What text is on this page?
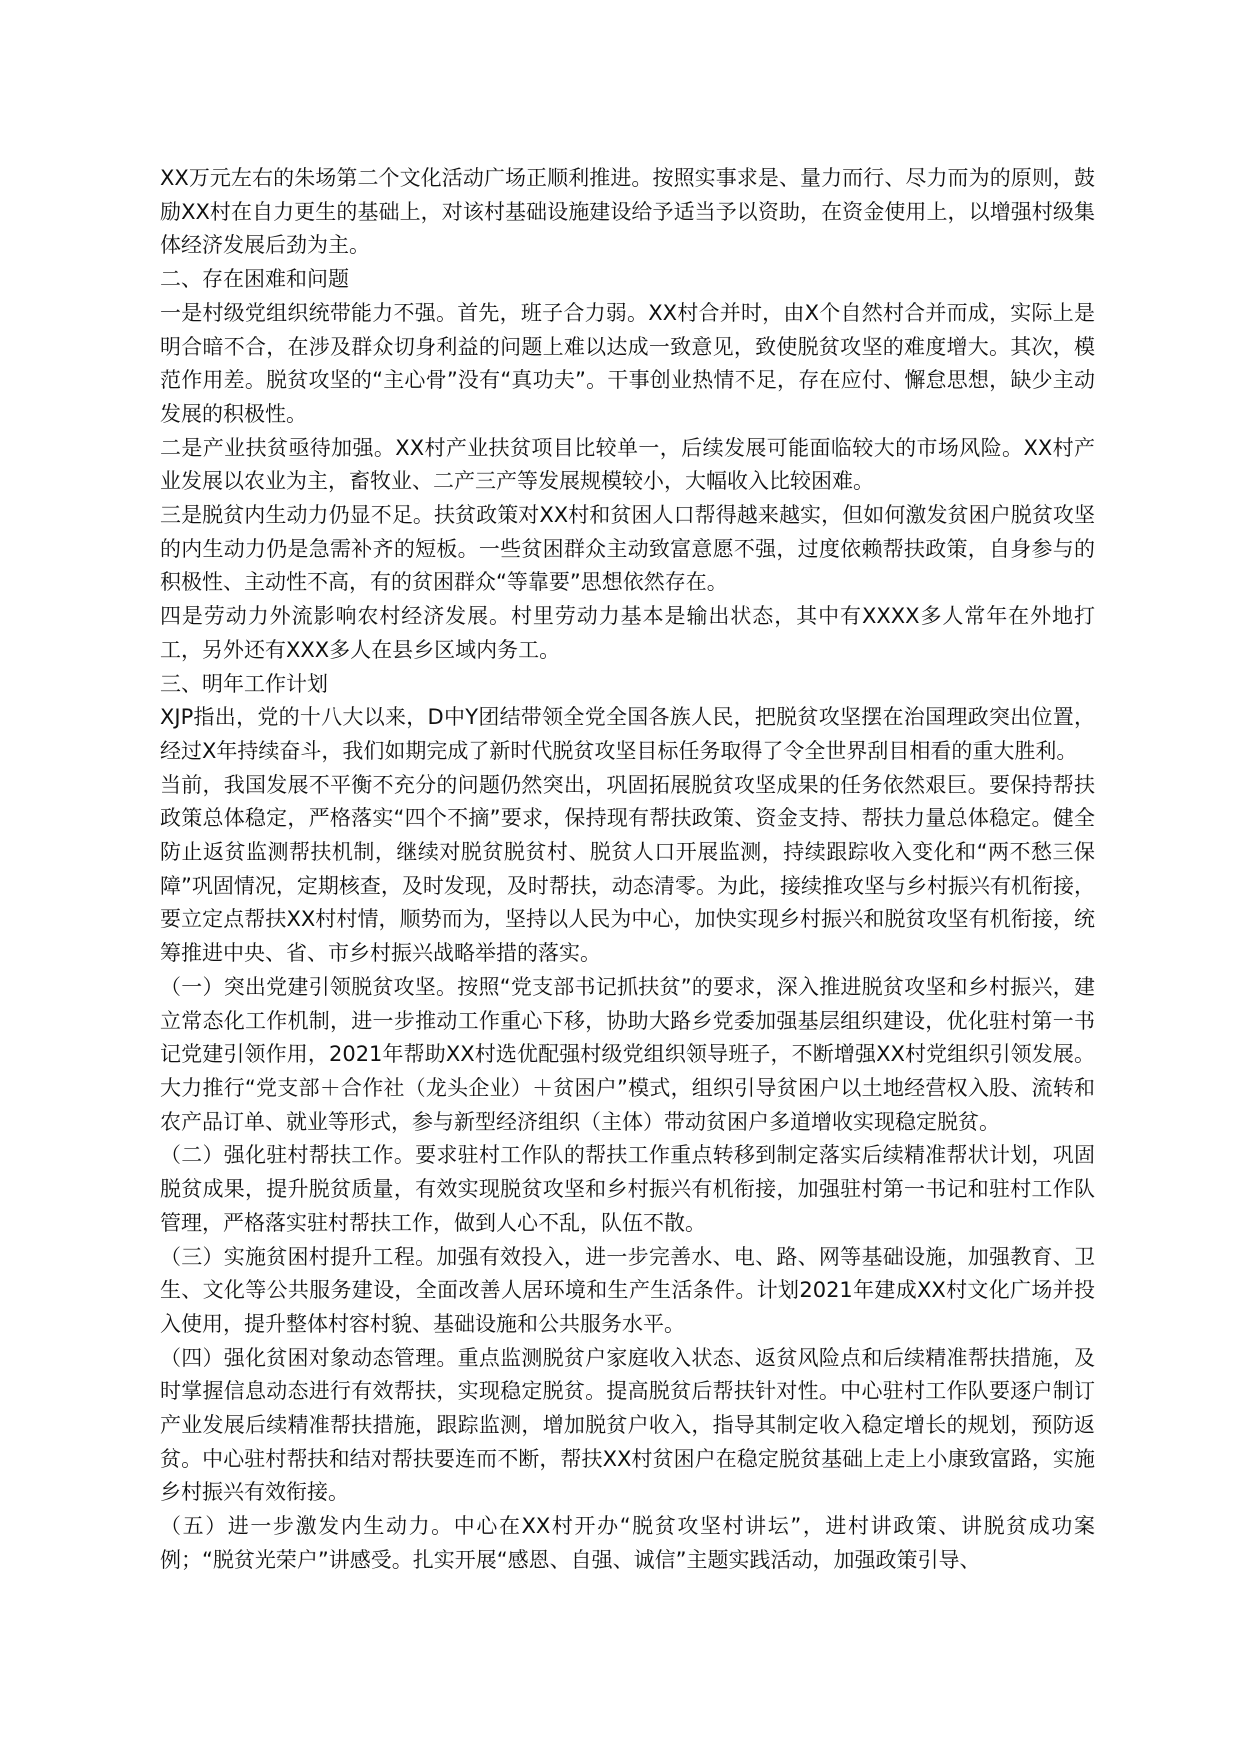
XX万元左右的朱场第二个文化活动广场正顺利推进。按照实事求是、量力而行、尽力而为的原则，鼓励XX村在自力更生的基础上，对该村基础设施建设给予适当予以资助，在资金使用上，以增强村级集体经济发展后劲为主。

二、存在困难和问题

一是村级党组织统带能力不强。首先，班子合力弱。XX村合并时，由X个自然村合并而成，实际上是明合暗不合，在涉及群众切身利益的问题上难以达成一致意见，致使脱贫攻坚的难度增大。其次，模范作用差。脱贫攻坚的“主心骨”没有“真功夫”。干事创业热情不足，存在应付、懈怠思想，缺少主动发展的积极性。

二是产业扶贫亟待加强。XX村产业扶贫项目比较单一，后续发展可能面临较大的市场风险。XX村产业发展以农业为主，畜牧业、二产三产等发展规模较小，大幅收入比较困难。

三是脱贫内生动力仍显不足。扶贫政策对XX村和贫困人口帮得越来越实，但如何激发贫困户脱贫攻坚的内生动力仍是急需补齐的短板。一些贫困群众主动致富意愿不强，过度依赖帮扶政策，自身参与的积极性、主动性不高，有的贫困群众“等靠要”思想依然存在。

四是劳动力外流影响农村经济发展。村里劳动力基本是输出状态，其中有XXXX多人常年在外地打工，另外还有XXX多人在县乡区域内务工。

三、明年工作计划

XJP指出，党的十八大以来，D中Y团结带领全党全国各族人民，把脱贫攻坚摆在治国理政突出位置，经过X年持续奋斗，我们如期完成了新时代脱贫攻坚目标任务取得了令全世界刮目相看的重大胜利。

当前，我国发展不平衡不充分的问题仍然突出，巩固拓展脱贫攻坚成果的任务依然艰巨。要保持帮扶政策总体稳定，严格落实“四个不摘”要求，保持现有帮扶政策、资金支持、帮扶力量总体稳定。健全防止返贫监测帮扶机制，继续对脱贫脱贫村、脱贫人口开展监测，持续跟踪收入变化和“两不愁三保障”巩固情况，定期核查，及时发现，及时帮扶，动态清零。为此，接续推攻坚与乡村振兴有机衔接，要立定点帮扶XX村村情，顺势而为，坚持以人民为中心，加快实现乡村振兴和脱贫攻坚有机衔接，统筹推进中央、省、市乡村振兴战略举措的落实。

（一）突出党建引领脱贫攻坚。按照“党支部书记抓扶贫”的要求，深入推进脱贫攻坚和乡村振兴，建立常态化工作机制，进一步推动工作重心下移，协助大路乡党委加强基层组织建设，优化驻村第一书记党建引领作用，2021年帮助XX村选优配强村级党组织领导班子，不断增强XX村党组织引领发展。大力推行“党支部＋合作社（龙头企业）＋贫困户”模式，组织引导贫困户以土地经营权入股、流转和农产品订单、就业等形式，参与新型经济组织（主体）带动贫困户多道增收实现稳定脱贫。

（二）强化驻村帮扶工作。要求驻村工作队的帮扶工作重点转移到制定落实后续精准帮状计划，巩固脱贫成果，提升脱贫质量，有效实现脱贫攻坚和乡村振兴有机衔接，加强驻村第一书记和驻村工作队管理，严格落实驻村帮扶工作，做到人心不乱，队伍不散。

（三）实施贫困村提升工程。加强有效投入，进一步完善水、电、路、网等基础设施，加强教育、卫生、文化等公共服务建设，全面改善人居环境和生产生活条件。计划2021年建成XX村文化广场并投入使用，提升整体村容村貌、基础设施和公共服务水平。

（四）强化贫困对象动态管理。重点监测脱贫户家庭收入状态、返贫风险点和后续精准帮扶措施，及时掌握信息动态进行有效帮扶，实现稳定脱贫。提高脱贫后帮扶针对性。中心驻村工作队要逐户制订产业发展后续精准帮扶措施，跟踪监测，增加脱贫户收入，指导其制定收入稳定增长的规划，预防返贫。中心驻村帮扶和结对帮扶要连而不断，帮扶XX村贫困户在稳定脱贫基础上走上小康致富路，实施乡村振兴有效衔接。

（五）进一步激发内生动力。中心在XX村开办“脱贫攻坚村讲坛”，进村讲政策、讲脱贫成功案例；“脱贫光荣户”讲感受。扎实开展“感恩、自强、诚信”主题实践活动，加强政策引导、
